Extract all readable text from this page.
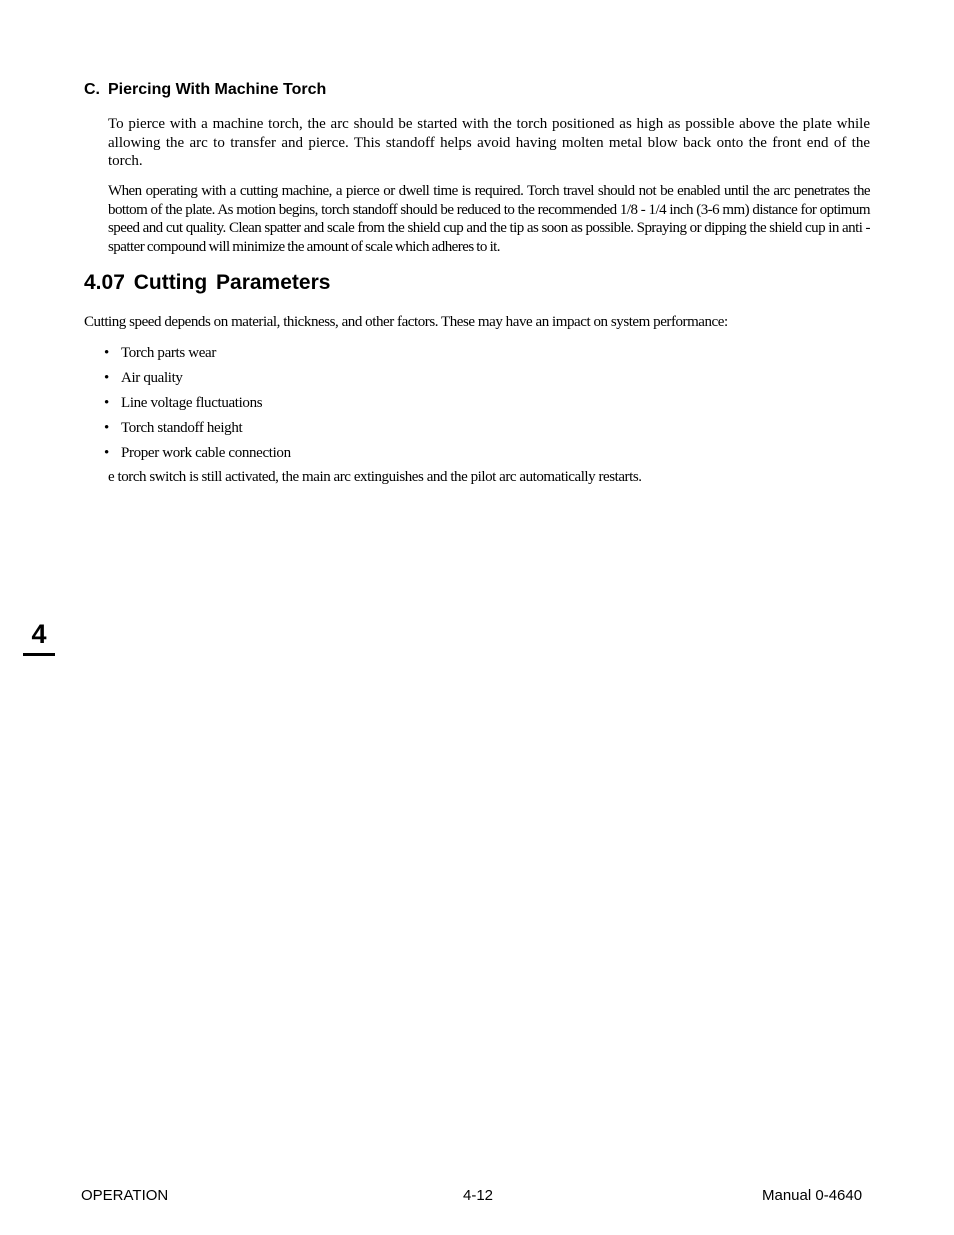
C. Piercing With Machine Torch

To pierce with a machine torch, the arc should be started with the torch positioned as high as possible above the plate while allowing the arc to transfer and pierce. This standoff helps avoid having molten metal blow back onto the front end of the torch.

When operating with a cutting machine, a pierce or dwell time is required. Torch travel should not be enabled until the arc penetrates the bottom of the plate. As motion begins, torch standoff should be reduced to the recommended 1/8 - 1/4 inch (3-6 mm) distance for optimum speed and cut quality. Clean spatter and scale from the shield cup and the tip as soon as possible. Spraying or dipping the shield cup in anti - spatter compound will minimize the amount of scale which adheres to it.

4.07 Cutting Parameters

Cutting speed depends on material, thickness, and other factors. These may have an impact on system performance:

• Torch parts wear
• Air quality
• Line voltage fluctuations
• Torch standoff height
• Proper work cable connection

e torch switch is still activated, the main arc extinguishes and the pilot arc automatically restarts.

4
OPERATION	4-12	Manual 0-4640
